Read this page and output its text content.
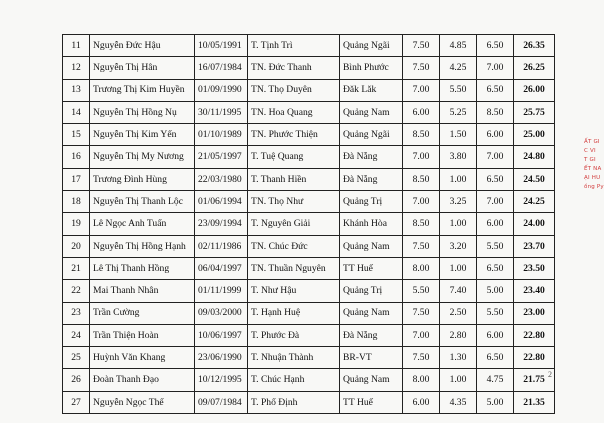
11	Nguyễn Đức Hậu	10/05/1991	T. Tịnh Trì	Quảng Ngãi	7.50	4.85	6.50	26.35
12	Nguyễn Thị Hân	16/07/1984	TN. Đức Thanh	Bình Phước	7.50	4.25	7.00	26.25
13	Trương Thị Kim Huyền	01/09/1990	TN. Thọ Duyên	Đăk Lăk	7.00	5.50	6.50	26.00
14	Nguyễn Thị Hồng Nụ	30/11/1995	TN. Hoa Quang	Quảng Nam	6.00	5.25	8.50	25.75
15	Nguyễn Thị Kim Yến	01/10/1989	TN. Phước Thiện	Quảng Ngãi	8.50	1.50	6.00	25.00
16	Nguyễn Thị My Nương	21/05/1997	T. Tuệ Quang	Đà Nẵng	7.00	3.80	7.00	24.80
17	Trương Đình Hùng	22/03/1980	T. Thanh Hiền	Đà Nẵng	8.50	1.00	6.50	24.50
18	Nguyễn Thị Thanh Lộc	01/06/1994	TN. Thọ Như	Quảng Trị	7.00	3.25	7.00	24.25
19	Lê Ngọc Anh Tuấn	23/09/1994	T. Nguyên Giải	Khánh Hòa	8.50	1.00	6.00	24.00
20	Nguyễn Thị Hồng Hạnh	02/11/1986	TN. Chúc Đức	Quảng Nam	7.50	3.20	5.50	23.70
21	Lê Thị Thanh Hồng	06/04/1997	TN. Thuần Nguyên	TT Huế	8.00	1.00	6.50	23.50
22	Mai Thanh Nhân	01/11/1999	T. Như Hậu	Quảng Trị	5.50	7.40	5.00	23.40
23	Trần Cường	09/03/2000	T. Hạnh Huệ	Quảng Nam	7.50	2.50	5.50	23.00
24	Trần Thiện Hoàn	10/06/1997	T. Phước Đà	Đà Nẵng	7.00	2.80	6.00	22.80
25	Huỳnh Văn Khang	23/06/1990	T. Nhuận Thành	BR-VT	7.50	1.30	6.50	22.80
26	Đoàn Thanh Đạo	10/12/1995	T. Chúc Hạnh	Quảng Nam	8.00	1.00	4.75	21.75
27	Nguyễn Ngọc Thể	09/07/1984	T. Phổ Định	TT Huế	6.00	4.35	5.00	21.35
2
ẤT GI
C VI
T GI
ẾT NA
ẠI HU
ồng Py
